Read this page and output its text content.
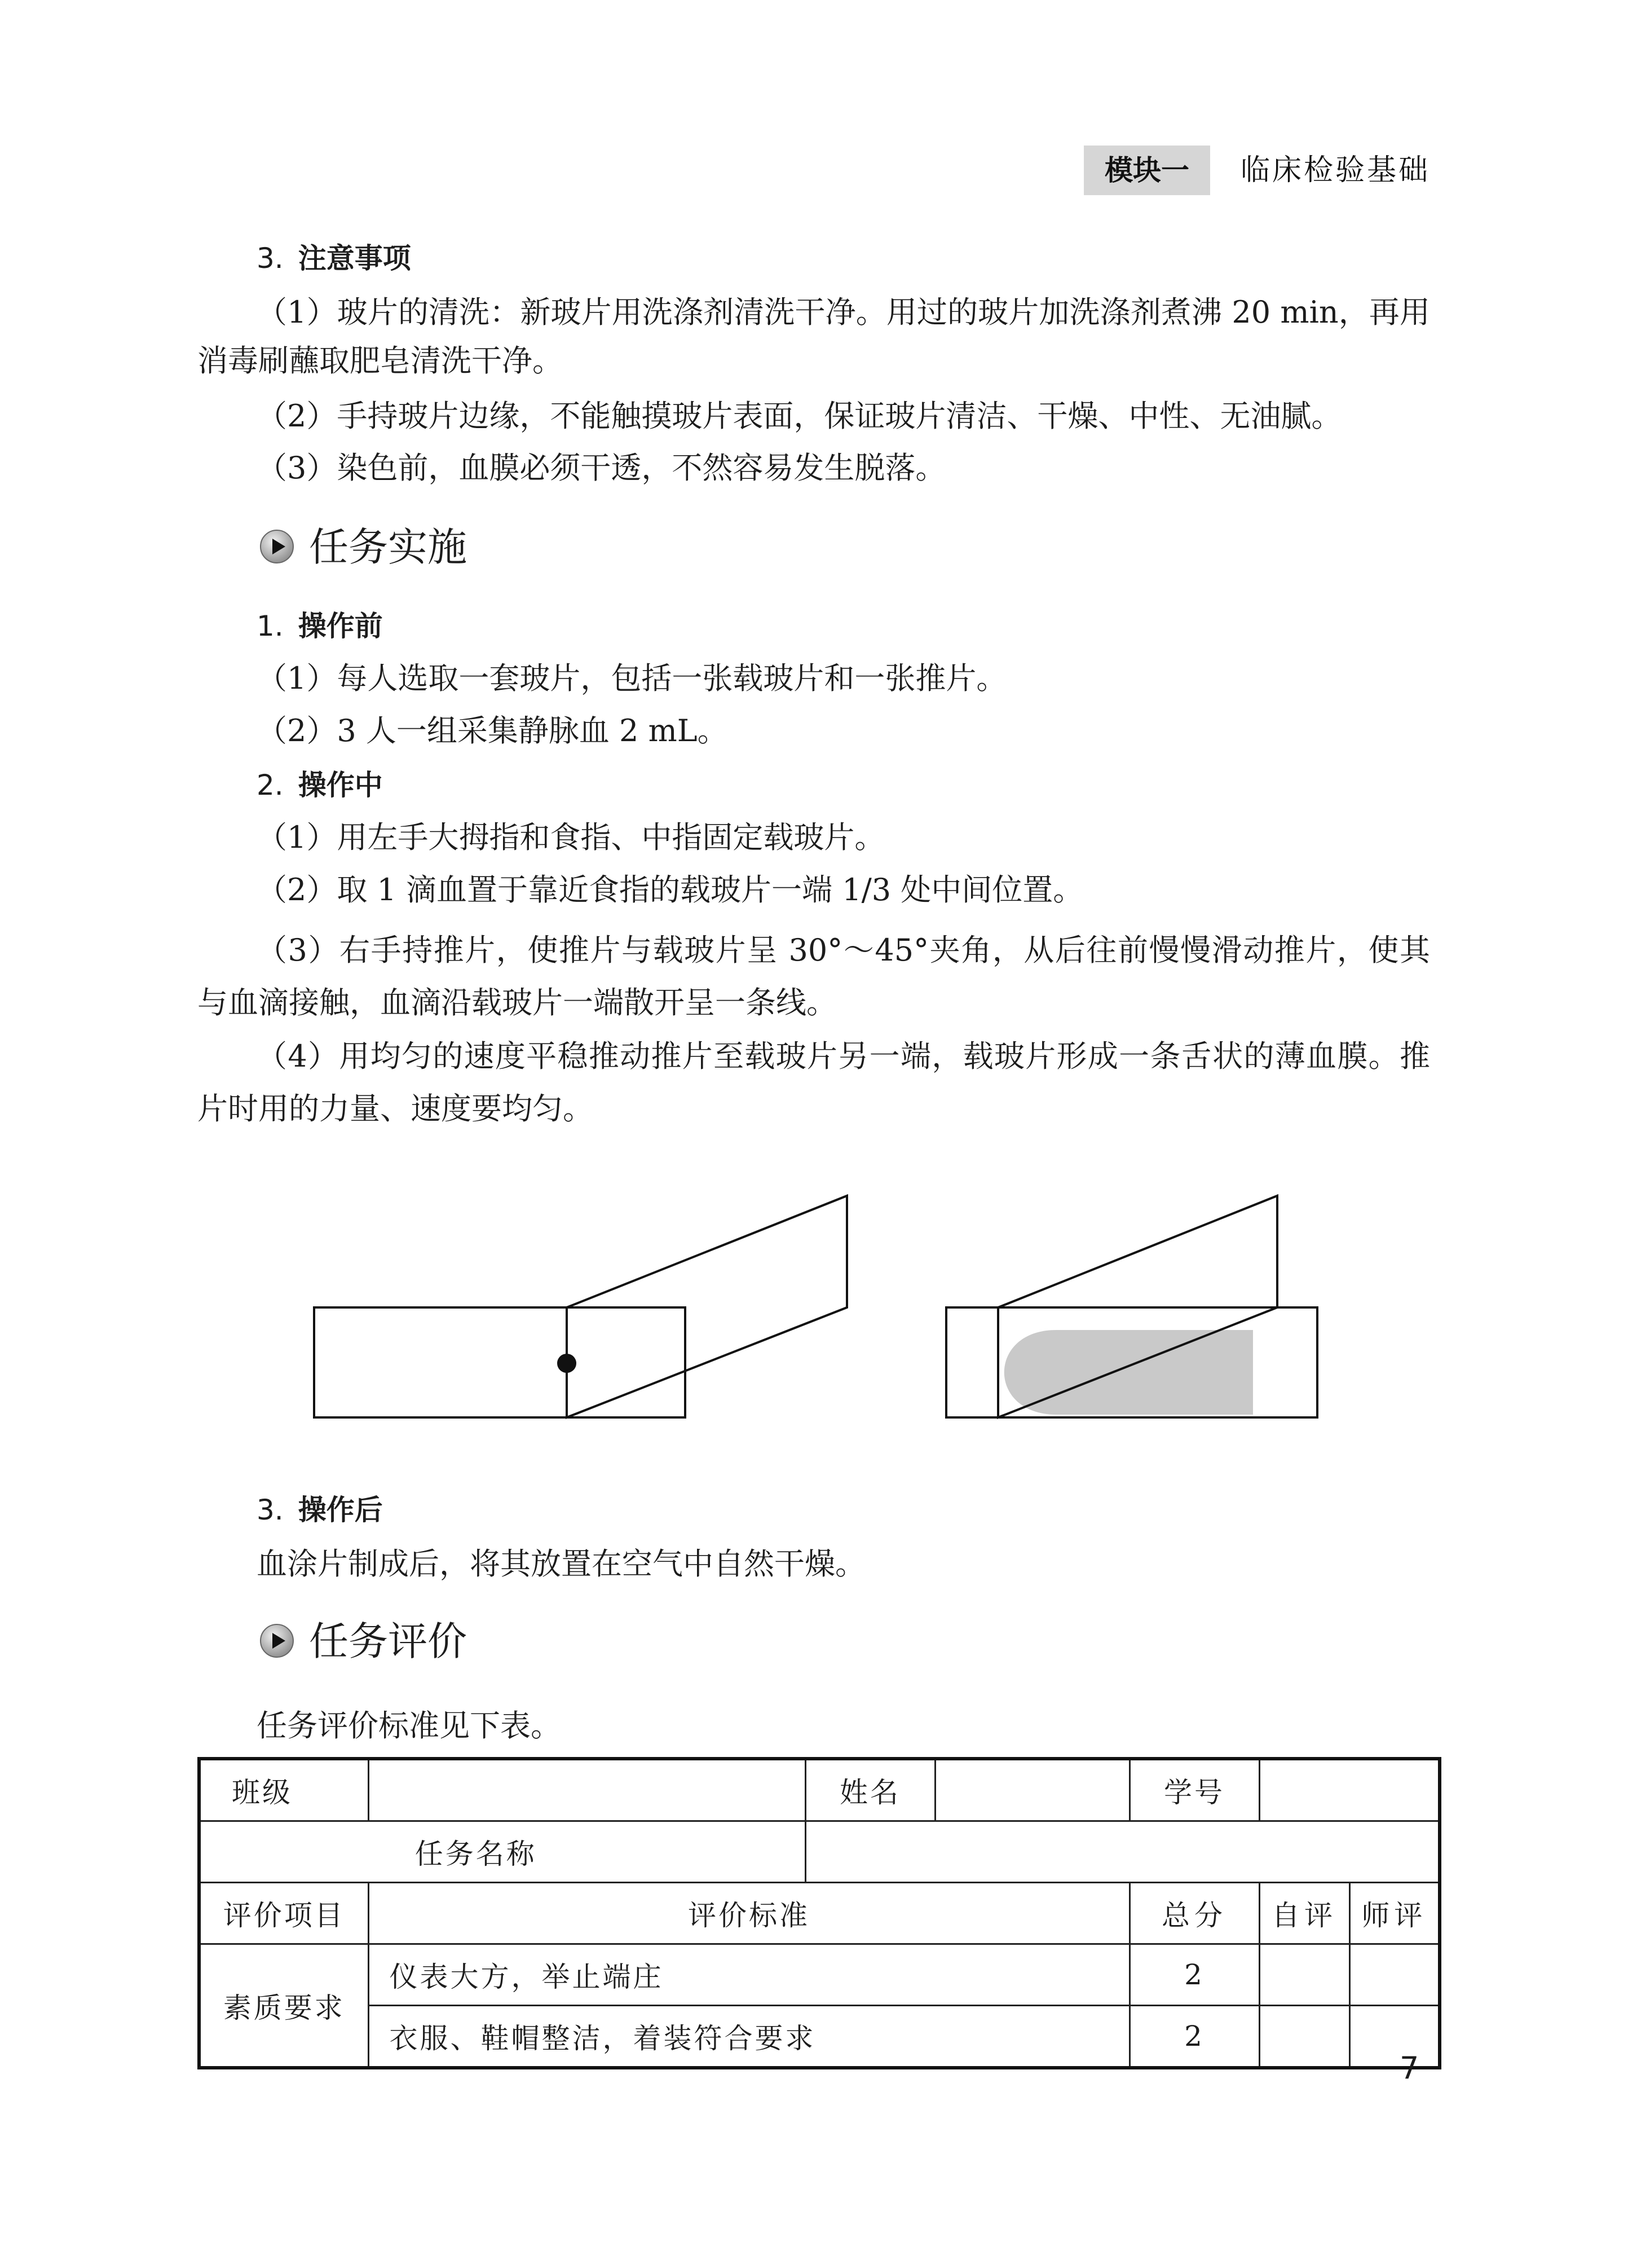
模块一	临床检验基础
3. 注意事项
（1）玻片的清洗：新玻片用洗涤剂清洗干净。用过的玻片加洗涤剂煮沸 20 min，再用
消毒刷蘸取肥皂清洗干净。
（2）手持玻片边缘，不能触摸玻片表面，保证玻片清洁、干燥、中性、无油腻。
（3）染色前，血膜必须干透，不然容易发生脱落。
任务实施
1. 操作前
（1）每人选取一套玻片，包括一张载玻片和一张推片。
（2）3 人一组采集静脉血 2 mL。
2. 操作中
（1）用左手大拇指和食指、中指固定载玻片。
（2）取 1 滴血置于靠近食指的载玻片一端 1/3 处中间位置。
（3）右手持推片，使推片与载玻片呈 30°～45°夹角，从后往前慢慢滑动推片，使其
与血滴接触，血滴沿载玻片一端散开呈一条线。
（4）用均匀的速度平稳推动推片至载玻片另一端，载玻片形成一条舌状的薄血膜。推
片时用的力量、速度要均匀。
3. 操作后
血涂片制成后，将其放置在空气中自然干燥。
任务评价
任务评价标准见下表。
班级		姓名		学号		
任务名称						
评价项目	评价标准			总分	自评	师评
素质要求	仪表大方，举止端庄			2		
	衣服、鞋帽整洁，着装符合要求			2		
7
